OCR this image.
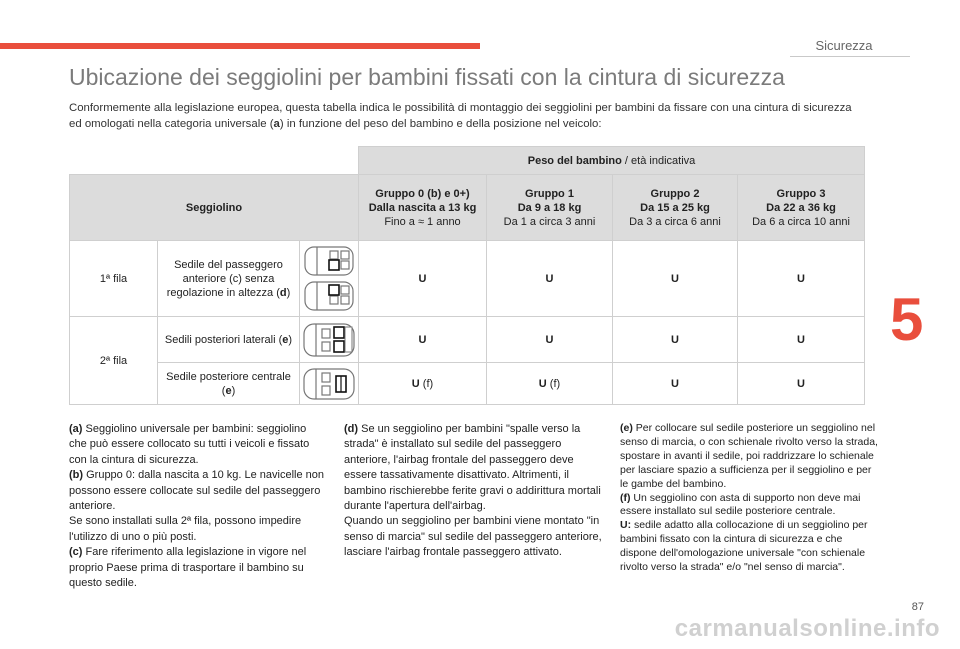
Sicurezza
5
Ubicazione dei seggiolini per bambini fissati con la cintura di sicurezza
Conformemente alla legislazione europea, questa tabella indica le possibilità di montaggio dei seggiolini per bambini da fissare con una cintura di sicurezza ed omologati nella categoria universale (a) in funzione del peso del bambino e della posizione nel veicolo:
			Peso del bambino / età indicativa			
Seggiolino			Gruppo 0 (b) e 0+)
Dalla nascita a 13 kg
Fino a ≈ 1 anno	Gruppo 1
Da 9 a 18 kg
Da 1 a circa 3 anni	Gruppo 2
Da 15 a 25 kg
Da 3 a circa 6 anni	Gruppo 3
Da 22 a 36 kg
Da 6 a circa 10 anni
1ª fila	Sedile del passeggero anteriore (c) senza regolazione in altezza (d)		U	U	U	U
2ª fila	Sedili posteriori laterali (e)		U	U	U	U
	Sedile posteriore centrale (e)		U (f)	U (f)	U	U
(a) Seggiolino universale per bambini: seggiolino che può essere collocato su tutti i veicoli e fissato con la cintura di sicurezza.
(b) Gruppo 0: dalla nascita a 10 kg. Le navicelle non possono essere collocate sul sedile del passeggero anteriore.
Se sono installati sulla 2ª fila, possono impedire l'utilizzo di uno o più posti.
(c) Fare riferimento alla legislazione in vigore nel proprio Paese prima di trasportare il bambino su questo sedile.
(d) Se un seggiolino per bambini "spalle verso la strada" è installato sul sedile del passeggero anteriore, l'airbag frontale del passeggero deve essere tassativamente disattivato. Altrimenti, il bambino rischierebbe ferite gravi o addirittura mortali durante l'apertura dell'airbag.
Quando un seggiolino per bambini viene montato "in senso di marcia" sul sedile del passeggero anteriore, lasciare l'airbag frontale passeggero attivato.
(e) Per collocare sul sedile posteriore un seggiolino nel senso di marcia, o con schienale rivolto verso la strada, spostare in avanti il sedile, poi raddrizzare lo schienale per lasciare spazio a sufficienza per il seggiolino e per le gambe del bambino.
(f) Un seggiolino con asta di supporto non deve mai essere installato sul sedile posteriore centrale.
U: sedile adatto alla collocazione di un seggiolino per bambini fissato con la cintura di sicurezza e che dispone dell'omologazione universale "con schienale rivolto verso la strada" e/o "nel senso di marcia".
87
carmanualsonline.info
